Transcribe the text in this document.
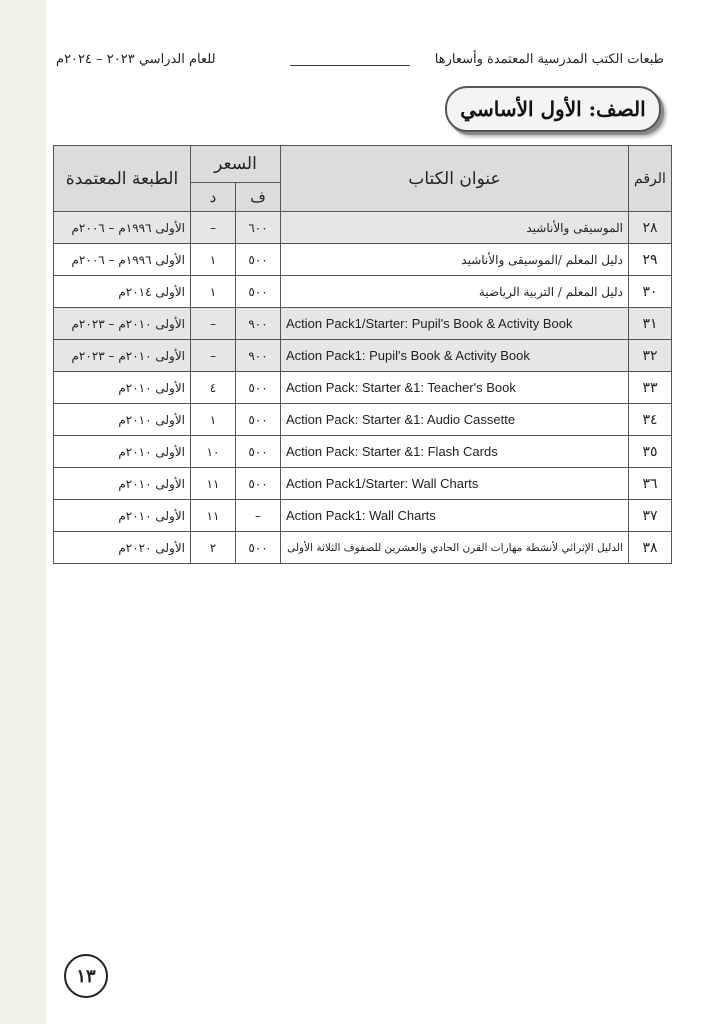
طبعات الكتب المدرسية المعتمدة وأسعارها
للعام الدراسي ٢٠٢٣ – ٢٠٢٤م
الصف: الأول الأساسي
الرقم	عنوان الكتاب	السعر		الطبعة المعتمدة
		ف	د	
٢٨	الموسيقى والأناشيد	٦٠٠	–	الأولى ١٩٩٦م – ٢٠٠٦م
٢٩	دليل المعلم /الموسيقى والأناشيد	٥٠٠	١	الأولى ١٩٩٦م – ٢٠٠٦م
٣٠	دليل المعلم / التربية الرياضية	٥٠٠	١	الأولى ٢٠١٤م
٣١	Action Pack1/Starter: Pupil's Book & Activity Book	٩٠٠	–	الأولى ٢٠١٠م – ٢٠٢٣م
٣٢	Action Pack1: Pupil's Book & Activity Book	٩٠٠	–	الأولى ٢٠١٠م – ٢٠٢٣م
٣٣	Action Pack: Starter &1: Teacher's Book	٥٠٠	٤	الأولى ٢٠١٠م
٣٤	Action Pack: Starter &1: Audio Cassette	٥٠٠	١	الأولى ٢٠١٠م
٣٥	Action Pack: Starter &1: Flash Cards	٥٠٠	١٠	الأولى ٢٠١٠م
٣٦	Action Pack1/Starter: Wall Charts	٥٠٠	١١	الأولى ٢٠١٠م
٣٧	Action Pack1: Wall Charts	–	١١	الأولى ٢٠١٠م
٣٨	الدليل الإثرائي لأنشطة مهارات القرن الحادي والعشرين للصفوف الثلاثة الأولى	٥٠٠	٢	الأولى ٢٠٢٠م
١٣
